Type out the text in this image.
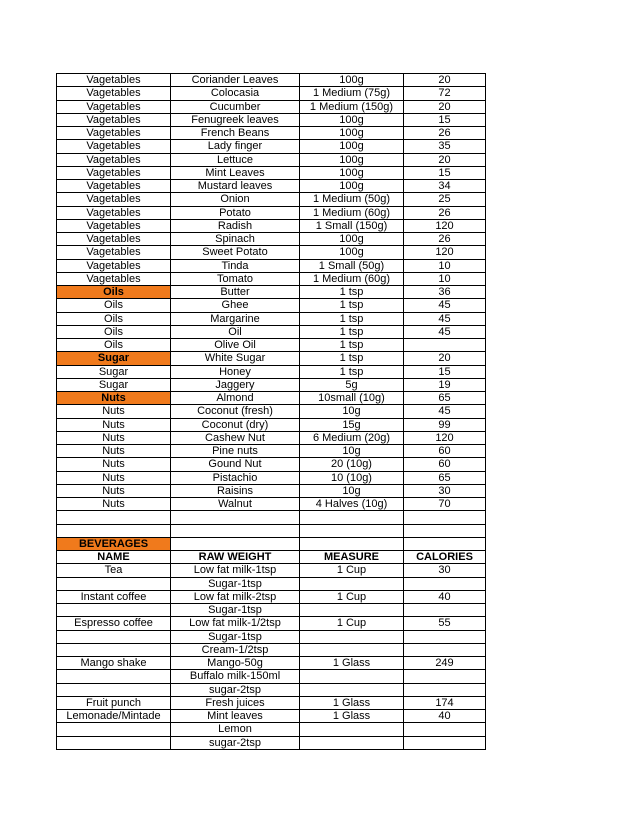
Vagetables	Coriander Leaves	100g	20
Vagetables	Colocasia	1 Medium (75g)	72
Vagetables	Cucumber	1 Medium (150g)	20
Vagetables	Fenugreek leaves	100g	15
Vagetables	French Beans	100g	26
Vagetables	Lady finger	100g	35
Vagetables	Lettuce	100g	20
Vagetables	Mint Leaves	100g	15
Vagetables	Mustard leaves	100g	34
Vagetables	Onion	1 Medium (50g)	25
Vagetables	Potato	1 Medium (60g)	26
Vagetables	Radish	1 Small (150g)	120
Vagetables	Spinach	100g	26
Vagetables	Sweet Potato	100g	120
Vagetables	Tinda	1 Small (50g)	10
Vagetables	Tomato	1 Medium (60g)	10
Oils	Butter	1 tsp	36
Oils	Ghee	1 tsp	45
Oils	Margarine	1 tsp	45
Oils	Oil	1 tsp	45
Oils	Olive Oil	1 tsp	
Sugar	White Sugar	1 tsp	20
Sugar	Honey	1 tsp	15
Sugar	Jaggery	5g	19
Nuts	Almond	10small (10g)	65
Nuts	Coconut (fresh)	10g	45
Nuts	Coconut (dry)	15g	99
Nuts	Cashew Nut	6 Medium (20g)	120
Nuts	Pine nuts	10g	60
Nuts	Gound Nut	20 (10g)	60
Nuts	Pistachio	10 (10g)	65
Nuts	Raisins	10g	30
Nuts	Walnut	4 Halves (10g)	70

BEVERAGES			
NAME	RAW WEIGHT	MEASURE	CALORIES
Tea	Low fat milk-1tsp	1 Cup	30
	Sugar-1tsp		
Instant coffee	Low fat milk-2tsp	1 Cup	40
	Sugar-1tsp		
Espresso coffee	Low fat milk-1/2tsp	1 Cup	55
	Sugar-1tsp		
	Cream-1/2tsp		
Mango shake	Mango-50g	1 Glass	249
	Buffalo milk-150ml		
	sugar-2tsp		
Fruit punch	Fresh juices	1 Glass	174
Lemonade/Mintade	Mint leaves	1 Glass	40
	Lemon		
	sugar-2tsp		
